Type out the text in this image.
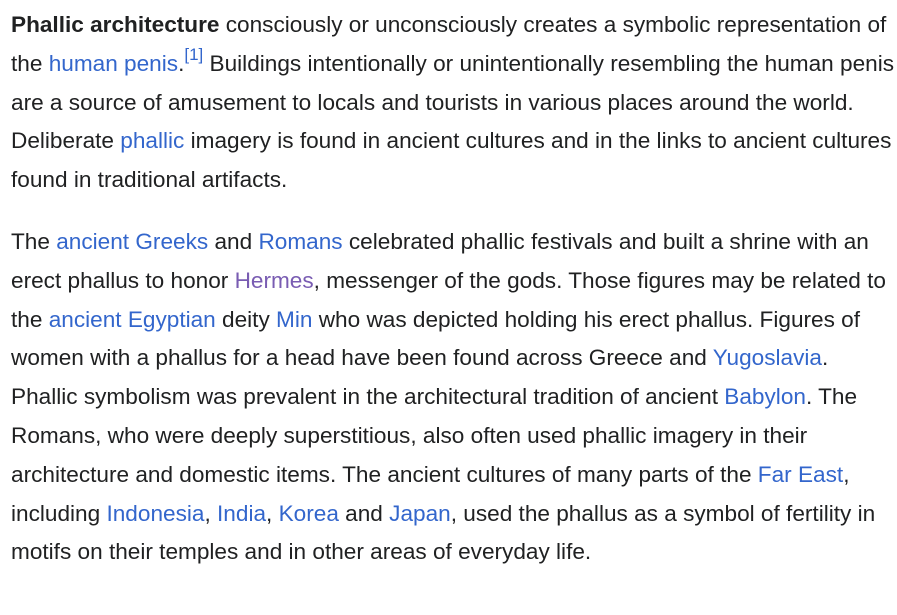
Phallic architecture consciously or unconsciously creates a symbolic representation of the human penis.[1] Buildings intentionally or unintentionally resembling the human penis are a source of amusement to locals and tourists in various places around the world. Deliberate phallic imagery is found in ancient cultures and in the links to ancient cultures found in traditional artifacts.

The ancient Greeks and Romans celebrated phallic festivals and built a shrine with an erect phallus to honor Hermes, messenger of the gods. Those figures may be related to the ancient Egyptian deity Min who was depicted holding his erect phallus. Figures of women with a phallus for a head have been found across Greece and Yugoslavia. Phallic symbolism was prevalent in the architectural tradition of ancient Babylon. The Romans, who were deeply superstitious, also often used phallic imagery in their architecture and domestic items. The ancient cultures of many parts of the Far East, including Indonesia, India, Korea and Japan, used the phallus as a symbol of fertility in motifs on their temples and in other areas of everyday life.
